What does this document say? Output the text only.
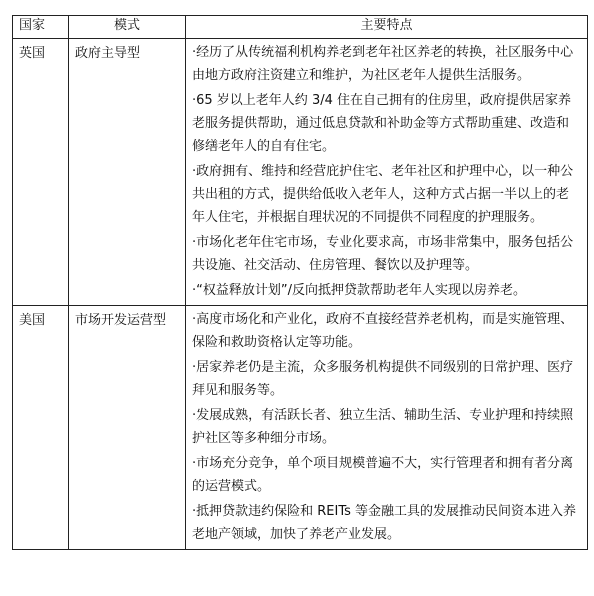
国家	模式	主要特点
英国	政府主导型	·经历了从传统福利机构养老到老年社区养老的转换，社区服务中心由地方政府注资建立和维护，为社区老年人提供生活服务。

·65 岁以上老年人约 3/4 住在自己拥有的住房里，政府提供居家养老服务提供帮助，通过低息贷款和补助金等方式帮助重建、改造和修缮老年人的自有住宅。

·政府拥有、维持和经营庇护住宅、老年社区和护理中心，以一种公共出租的方式，提供给低收入老年人，这种方式占据一半以上的老年人住宅，并根据自理状况的不同提供不同程度的护理服务。

·市场化老年住宅市场，专业化要求高，市场非常集中，服务包括公共设施、社交活动、住房管理、餐饮以及护理等。

·“权益释放计划”/反向抵押贷款帮助老年人实现以房养老。

美国	市场开发运营型	·高度市场化和产业化，政府不直接经营养老机构，而是实施管理、保险和救助资格认定等功能。

·居家养老仍是主流，众多服务机构提供不同级别的日常护理、医疗拜见和服务等。

·发展成熟，有活跃长者、独立生活、辅助生活、专业护理和持续照护社区等多种细分市场。

·市场充分竞争，单个项目规模普遍不大，实行管理者和拥有者分离的运营模式。

·抵押贷款违约保险和 REITs 等金融工具的发展推动民间资本进入养老地产领域，加快了养老产业发展。
